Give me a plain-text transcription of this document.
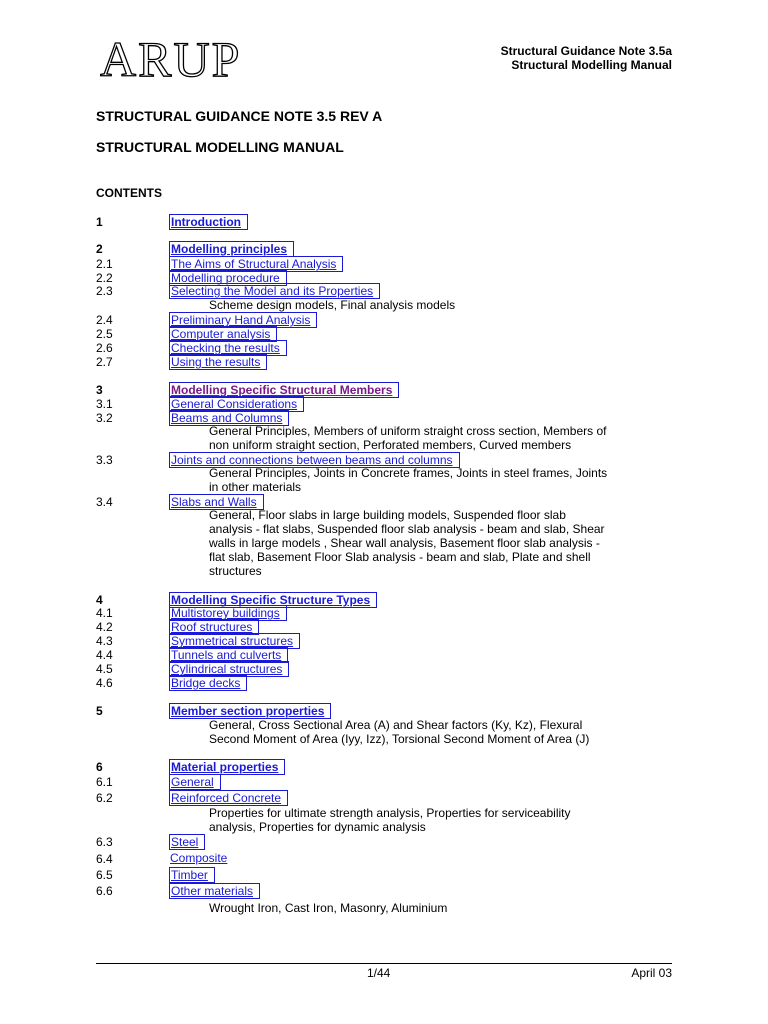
ARUP	Structural Guidance Note 3.5a
Structural Modelling Manual
STRUCTURAL GUIDANCE NOTE 3.5 REV A
STRUCTURAL MODELLING MANUAL
CONTENTS
1	Introduction
2	Modelling principles
2.1	The Aims of Structural Analysis
2.2	Modelling procedure
2.3	Selecting the Model and its Properties
Scheme design models, Final analysis models
2.4	Preliminary Hand Analysis
2.5	Computer analysis
2.6	Checking the results
2.7	Using the results
3	Modelling Specific Structural Members
3.1	General Considerations
3.2	Beams and Columns
General Principles, Members of uniform straight cross section, Members of
non uniform straight section, Perforated members, Curved members
3.3	Joints and connections between beams and columns
General Principles, Joints in Concrete frames, Joints in steel frames, Joints
in other materials
3.4	Slabs and Walls
General, Floor slabs in large building models, Suspended floor slab
analysis - flat slabs, Suspended floor slab analysis - beam and slab, Shear
walls in large models , Shear wall analysis, Basement floor slab analysis -
flat slab, Basement Floor Slab analysis - beam and slab, Plate and shell
structures
4	Modelling Specific Structure Types
4.1	Multistorey buildings
4.2	Roof structures
4.3	Symmetrical structures
4.4	Tunnels and culverts
4.5	Cylindrical structures
4.6	Bridge decks
5	Member section properties
General, Cross Sectional Area (A) and Shear factors (Ky, Kz), Flexural
Second Moment of Area (Iyy, Izz), Torsional Second Moment of Area (J)
6	Material properties
6.1	General
6.2	Reinforced Concrete
Properties for ultimate strength analysis, Properties for serviceability
analysis, Properties for dynamic analysis
6.3	Steel
6.4	Composite
6.5	Timber
6.6	Other materials
Wrought Iron, Cast Iron, Masonry, Aluminium
1/44	April 03
